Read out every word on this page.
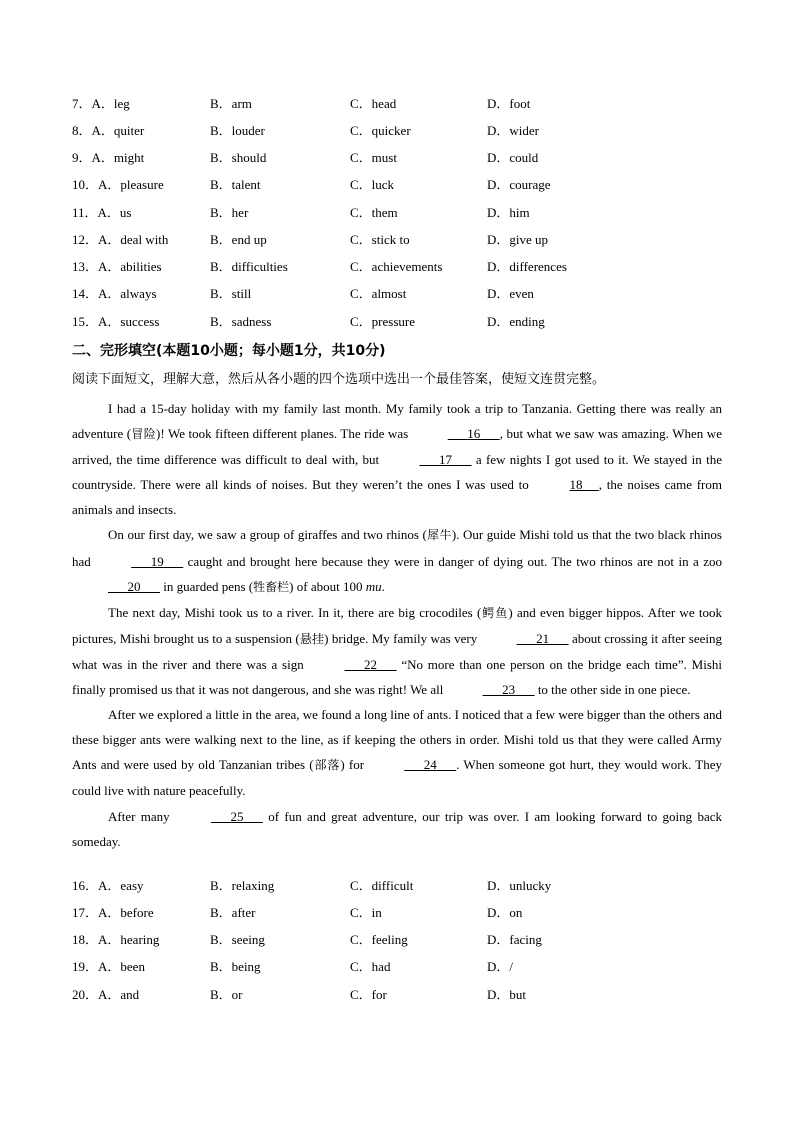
7．A．leg	B．arm	C．head	D．foot
8．A．quiter	B．louder	C．quicker	D．wider
9．A．might	B．should	C．must	D．could
10．A．pleasure	B．talent	C．luck	D．courage
11．A．us	B．her	C．them	D．him
12．A．deal with	B．end up	C．stick to	D．give up
13．A．abilities	B．difficulties	C．achievements	D．differences
14．A．always	B．still	C．almost	D．even
15．A．success	B．sadness	C．pressure	D．ending
二、完形填空(本题10小题；每小题1分，共10分)
阅读下面短文，理解大意，然后从各小题的四个选项中选出一个最佳答案，使短文连贯完整。

I had a 15-day holiday with my family last month. My family took a trip to Tanzania. Getting there was really an adventure (冒险)! We took fifteen different planes. The ride was	16 , but what we saw was amazing. When we arrived, the time difference was difficult to deal with, but	17       a few nights I got used to it. We stayed in the countryside. There were all kinds of noises. But they weren’t the ones I was used to	18 , the noises came from animals and insects.

On our first day, we saw a group of giraffes and two rhinos (犀牛). Our guide Mishi told us that the two black rhinos had	19       caught and brought here because they were in danger of dying out. The two rhinos are not in a zoo       20       in guarded pens (牲畜栏) of about 100 mu.

The next day, Mishi took us to a river. In it, there are big crocodiles (鳄鱼) and even bigger hippos. After we took pictures, Mishi brought us to a suspension (悬挂) bridge. My family was very	21       about crossing it after seeing what was in the river and there was a sign	22       “No more than one person on the bridge each time”. Mishi finally promised us that it was not dangerous, and she was right! We all	23       to the other side in one piece.

After we explored a little in the area, we found a long line of ants. I noticed that a few were bigger than the others and these bigger ants were walking next to the line, as if keeping the others in order. Mishi told us that they were called Army Ants and were used by old Tanzanian tribes (部落) for	24 . When someone got hurt, they would work. They could live with nature peacefully.

After many	25       of fun and great adventure, our trip was over. I am looking forward to going back someday.

16．A．easy	B．relaxing	C．difficult	D．unlucky
17．A．before	B．after	C．in	D．on
18．A．hearing	B．seeing	C．feeling	D．facing
19．A．been	B．being	C．had	D．/
20．A．and	B．or	C．for	D．but
